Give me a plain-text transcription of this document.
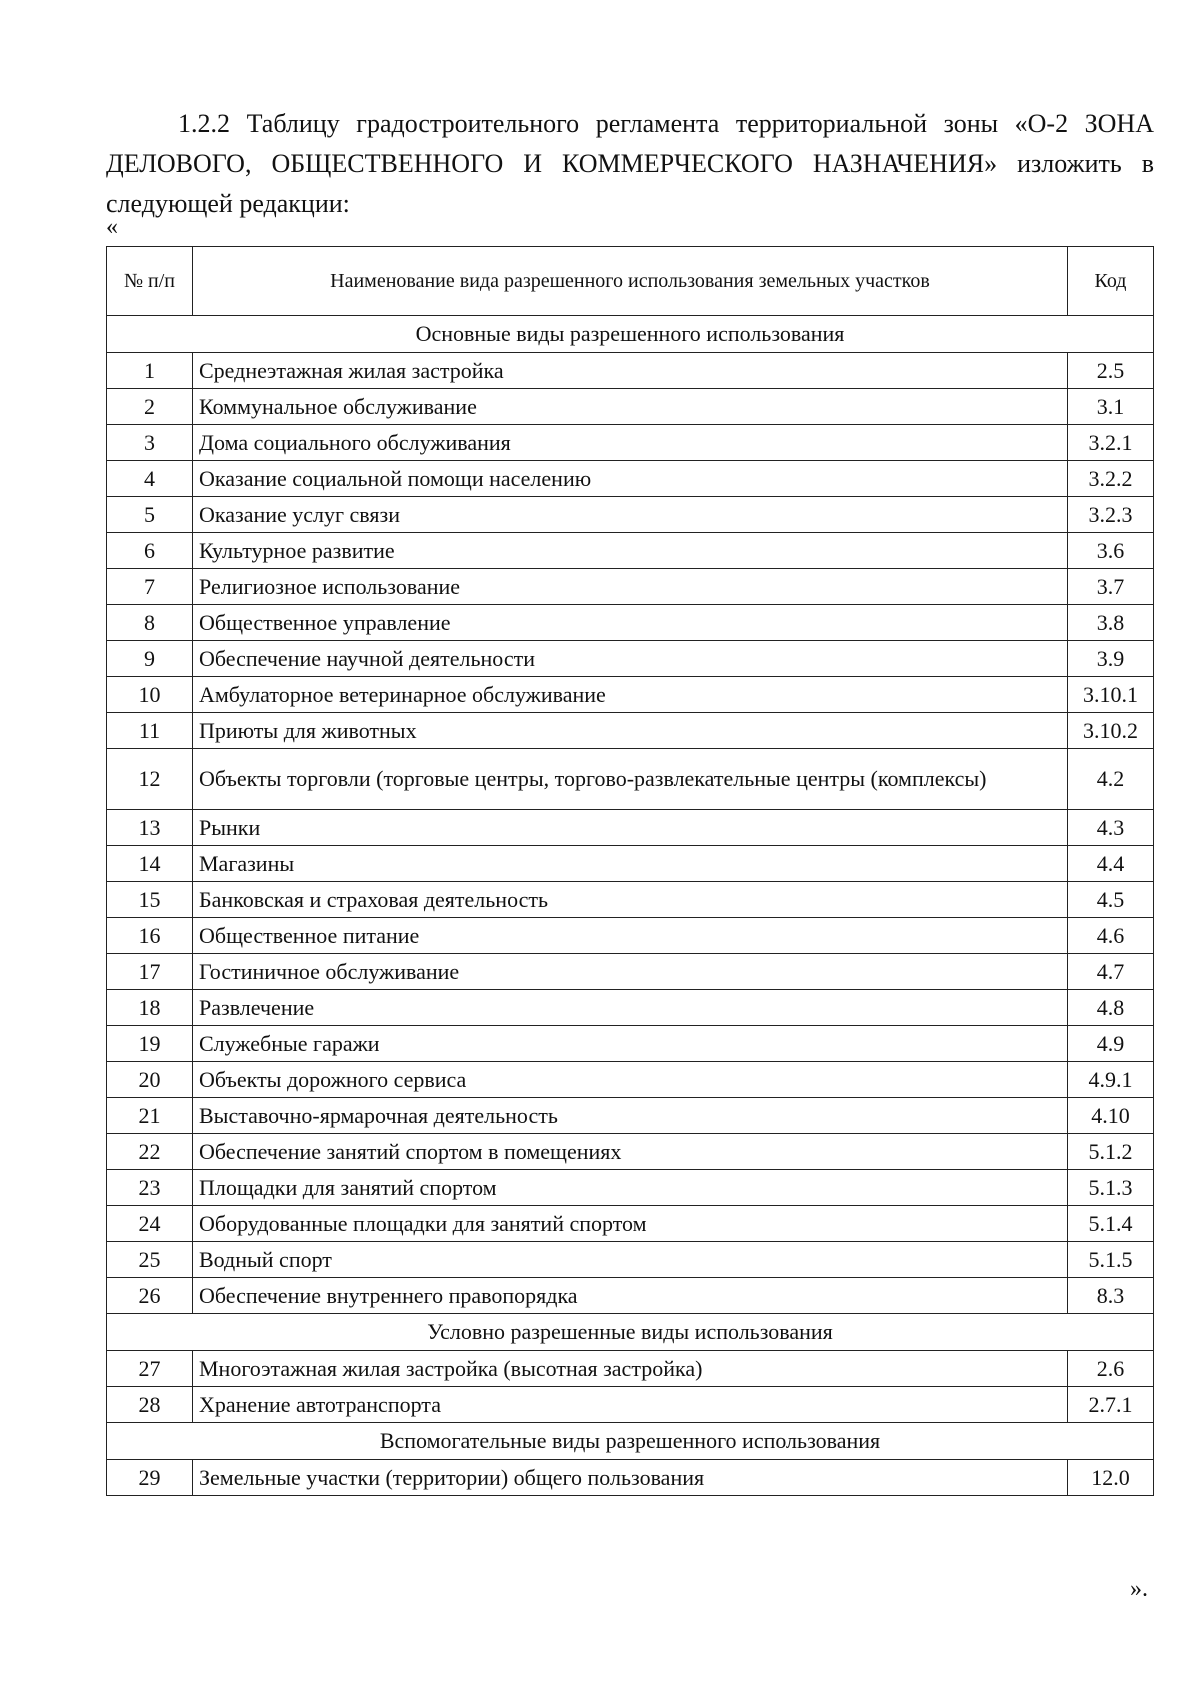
1.2.2 Таблицу градостроительного регламента территориальной зоны «О-2 ЗОНА ДЕЛОВОГО, ОБЩЕСТВЕННОГО И КОММЕРЧЕСКОГО НАЗНАЧЕНИЯ» изложить в следующей редакции:

«
№ п/п	Наименование вида разрешенного использования земельных участков	Код
Основные виды разрешенного использования		
1	Среднеэтажная жилая застройка	2.5
2	Коммунальное обслуживание	3.1
3	Дома социального обслуживания	3.2.1
4	Оказание социальной помощи населению	3.2.2
5	Оказание услуг связи	3.2.3
6	Культурное развитие	3.6
7	Религиозное использование	3.7
8	Общественное управление	3.8
9	Обеспечение научной деятельности	3.9
10	Амбулаторное ветеринарное обслуживание	3.10.1
11	Приюты для животных	3.10.2
12	Объекты торговли (торговые центры, торгово-развлекательные центры (комплексы)	4.2
13	Рынки	4.3
14	Магазины	4.4
15	Банковская и страховая деятельность	4.5
16	Общественное питание	4.6
17	Гостиничное обслуживание	4.7
18	Развлечение	4.8
19	Служебные гаражи	4.9
20	Объекты дорожного сервиса	4.9.1
21	Выставочно-ярмарочная деятельность	4.10
22	Обеспечение занятий спортом в помещениях	5.1.2
23	Площадки для занятий спортом	5.1.3
24	Оборудованные площадки для занятий спортом	5.1.4
25	Водный спорт	5.1.5
26	Обеспечение внутреннего правопорядка	8.3
Условно разрешенные виды использования		
27	Многоэтажная жилая застройка (высотная застройка)	2.6
28	Хранение автотранспорта	2.7.1
Вспомогательные виды разрешенного использования		
29	Земельные участки (территории) общего пользования	12.0
».
